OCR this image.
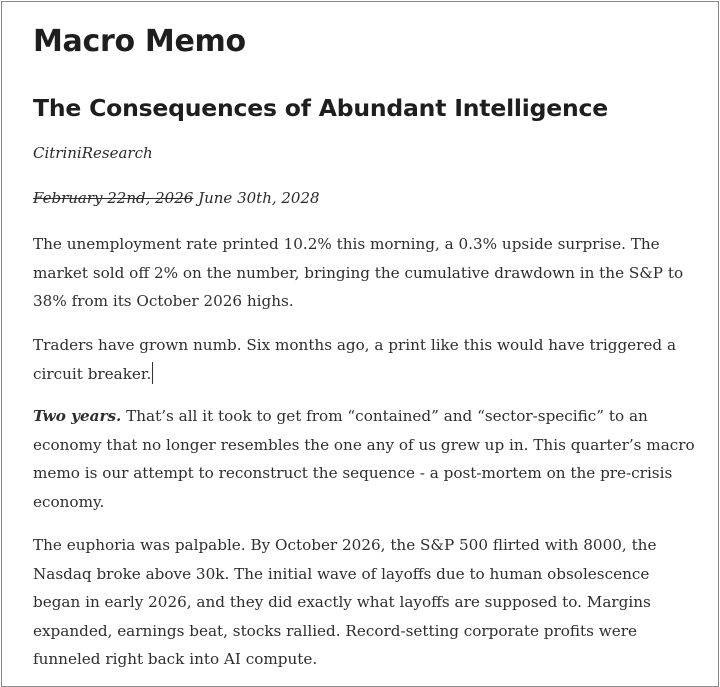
Macro Memo
The Consequences of Abundant Intelligence
CitriniResearch
February 22nd, 2026 June 30th, 2028

The unemployment rate printed 10.2% this morning, a 0.3% upside surprise. The market sold off 2% on the number, bringing the cumulative drawdown in the S&P to 38% from its October 2026 highs.

Traders have grown numb. Six months ago, a print like this would have triggered a circuit breaker.

Two years. That’s all it took to get from “contained” and “sector-specific” to an economy that no longer resembles the one any of us grew up in. This quarter’s macro memo is our attempt to reconstruct the sequence - a post-mortem on the pre-crisis economy.

The euphoria was palpable. By October 2026, the S&P 500 flirted with 8000, the Nasdaq broke above 30k. The initial wave of layoffs due to human obsolescence began in early 2026, and they did exactly what layoffs are supposed to. Margins expanded, earnings beat, stocks rallied. Record-setting corporate profits were funneled right back into AI compute.
